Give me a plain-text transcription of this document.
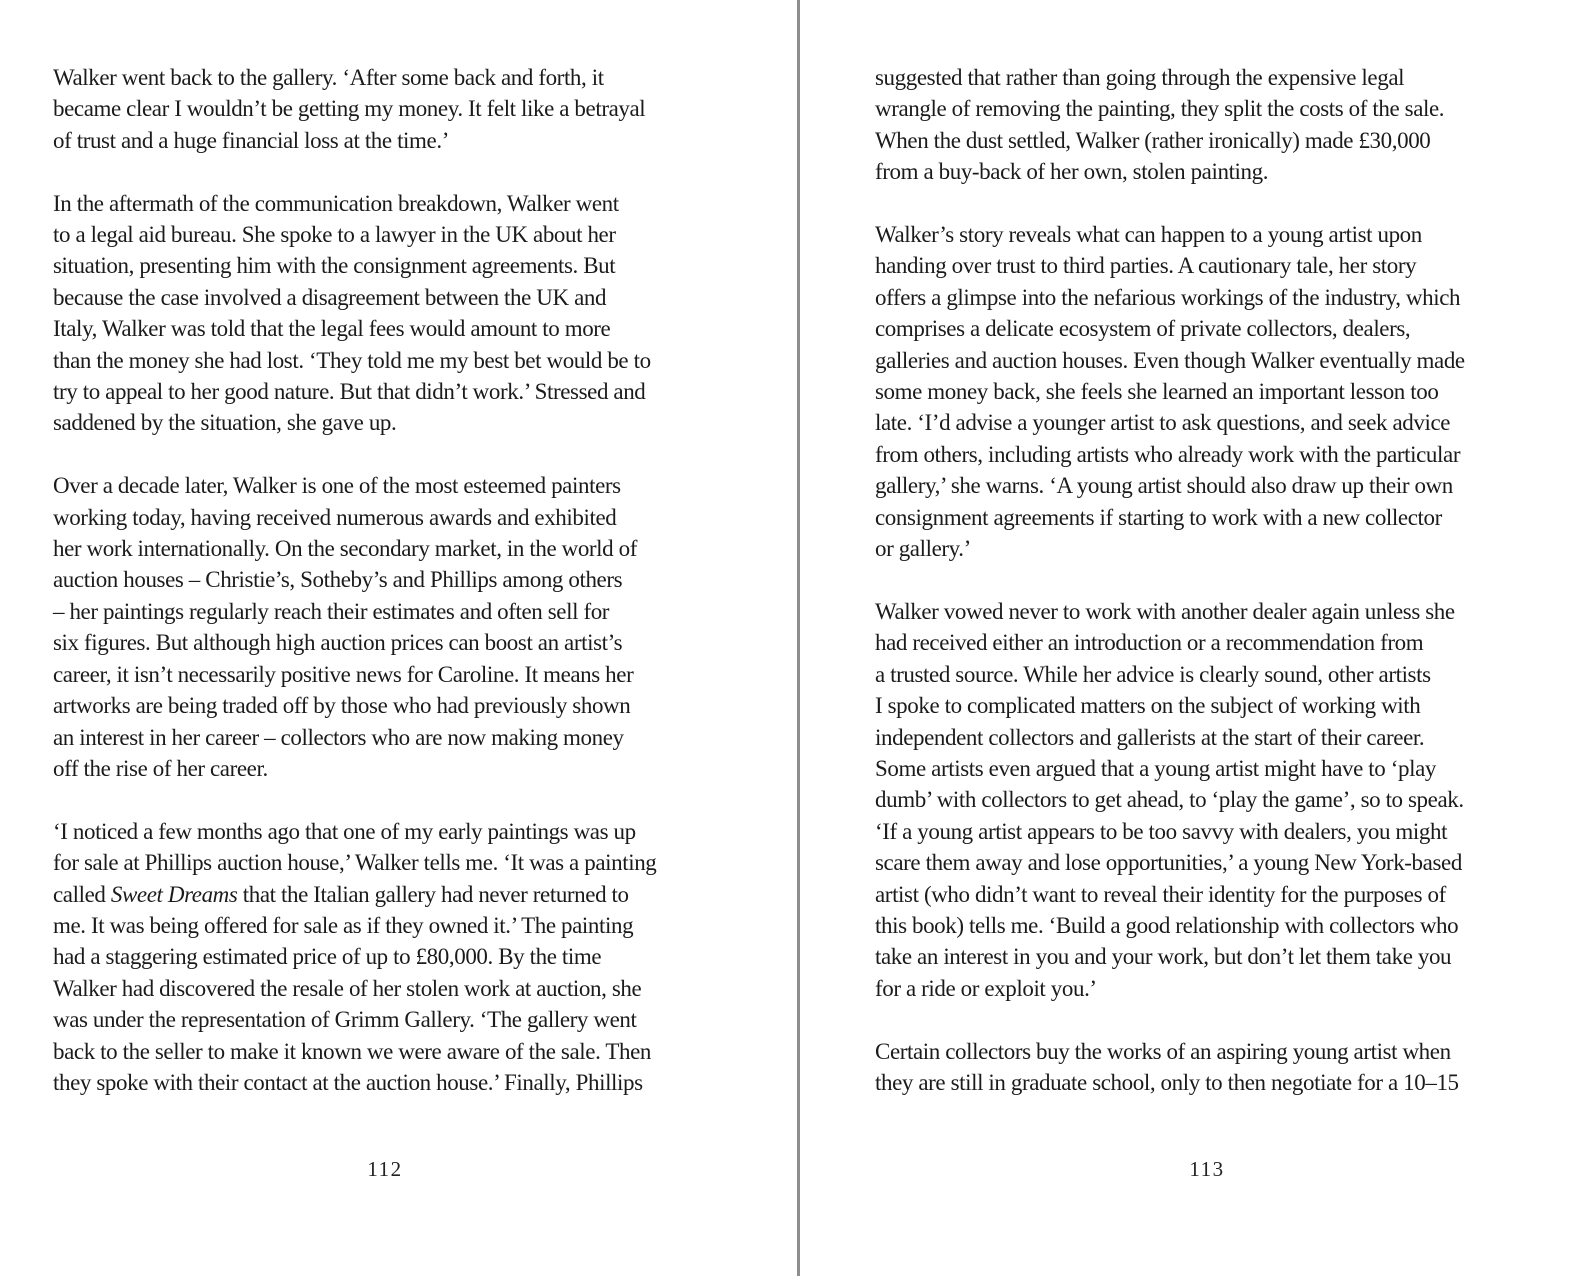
Walker went back to the gallery. ‘After some back and forth, it
became clear I wouldn’t be getting my money. It felt like a betrayal
of trust and a huge financial loss at the time.’
In the aftermath of the communication breakdown, Walker went
to a legal aid bureau. She spoke to a lawyer in the UK about her
situation, presenting him with the consignment agreements. But
because the case involved a disagreement between the UK and
Italy, Walker was told that the legal fees would amount to more
than the money she had lost. ‘They told me my best bet would be to
try to appeal to her good nature. But that didn’t work.’ Stressed and
saddened by the situation, she gave up.
Over a decade later, Walker is one of the most esteemed painters
working today, having received numerous awards and exhibited
her work internationally. On the secondary market, in the world of
auction houses – Christie’s, Sotheby’s and Phillips among others
– her paintings regularly reach their estimates and often sell for
six figures. But although high auction prices can boost an artist’s
career, it isn’t necessarily positive news for Caroline. It means her
artworks are being traded off by those who had previously shown
an interest in her career – collectors who are now making money
off the rise of her career.
‘I noticed a few months ago that one of my early paintings was up
for sale at Phillips auction house,’ Walker tells me. ‘It was a painting
called Sweet Dreams that the Italian gallery had never returned to
me. It was being offered for sale as if they owned it.’ The painting
had a staggering estimated price of up to £80,000. By the time
Walker had discovered the resale of her stolen work at auction, she
was under the representation of Grimm Gallery. ‘The gallery went
back to the seller to make it known we were aware of the sale. Then
they spoke with their contact at the auction house.’ Finally, Phillips
112
suggested that rather than going through the expensive legal
wrangle of removing the painting, they split the costs of the sale.
When the dust settled, Walker (rather ironically) made £30,000
from a buy-back of her own, stolen painting.
Walker’s story reveals what can happen to a young artist upon
handing over trust to third parties. A cautionary tale, her story
offers a glimpse into the nefarious workings of the industry, which
comprises a delicate ecosystem of private collectors, dealers,
galleries and auction houses. Even though Walker eventually made
some money back, she feels she learned an important lesson too
late. ‘I’d advise a younger artist to ask questions, and seek advice
from others, including artists who already work with the particular
gallery,’ she warns. ‘A young artist should also draw up their own
consignment agreements if starting to work with a new collector
or gallery.’
Walker vowed never to work with another dealer again unless she
had received either an introduction or a recommendation from
a trusted source. While her advice is clearly sound, other artists
I spoke to complicated matters on the subject of working with
independent collectors and gallerists at the start of their career.
Some artists even argued that a young artist might have to ‘play
dumb’ with collectors to get ahead, to ‘play the game’, so to speak.
‘If a young artist appears to be too savvy with dealers, you might
scare them away and lose opportunities,’ a young New York-based
artist (who didn’t want to reveal their identity for the purposes of
this book) tells me. ‘Build a good relationship with collectors who
take an interest in you and your work, but don’t let them take you
for a ride or exploit you.’
Certain collectors buy the works of an aspiring young artist when
they are still in graduate school, only to then negotiate for a 10–15
113
